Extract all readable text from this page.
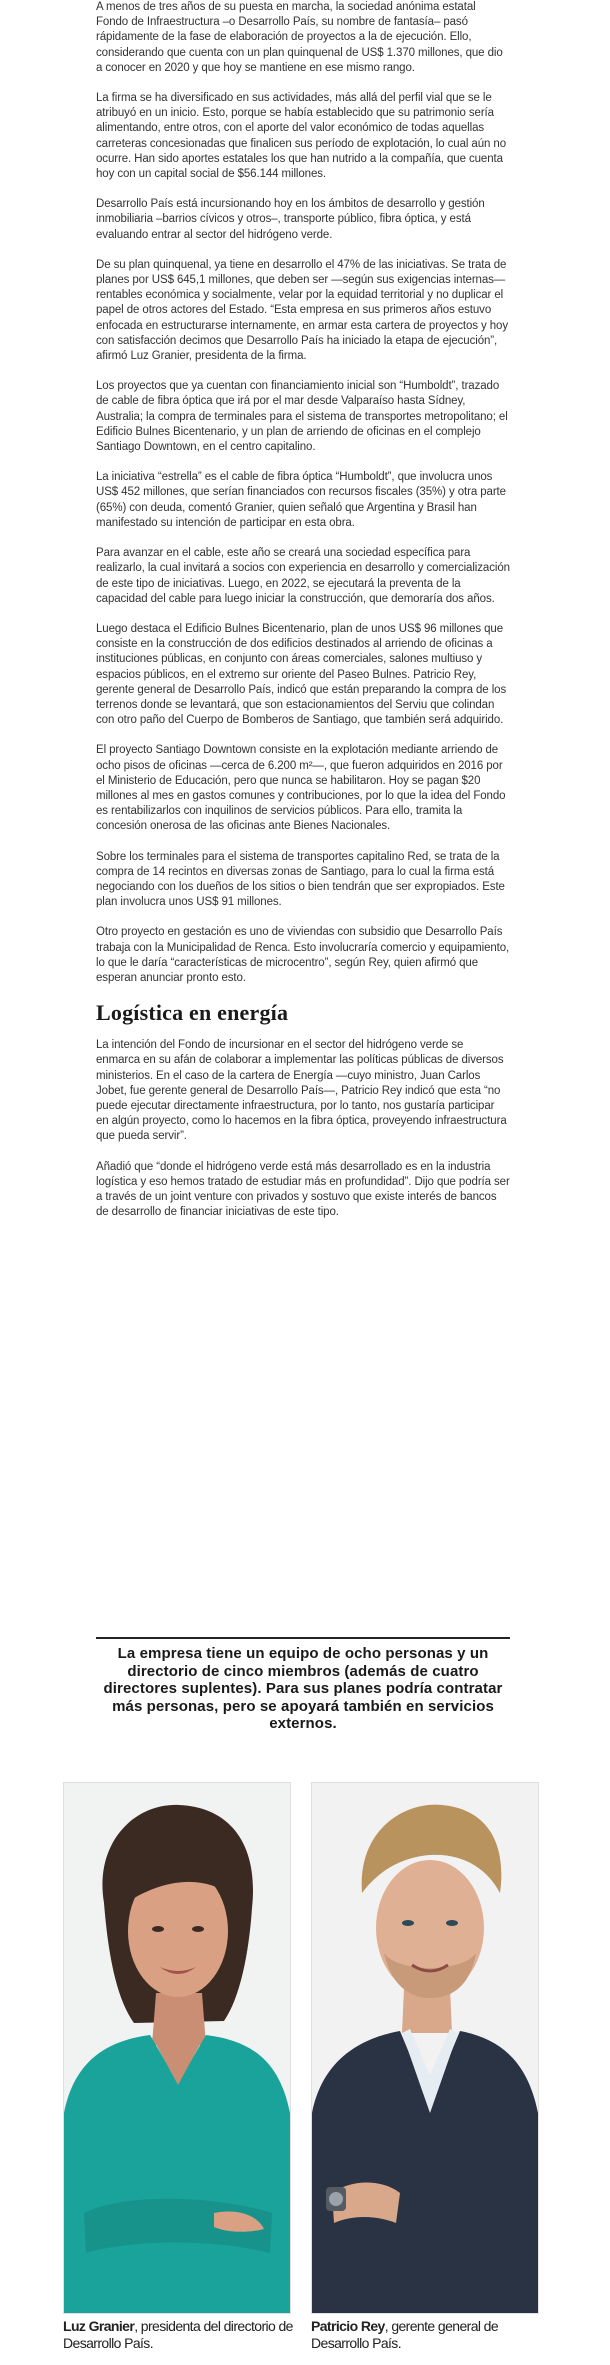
A menos de tres años de su puesta en marcha, la sociedad anónima estatal Fondo de Infraestructura –o Desarrollo País, su nombre de fantasía– pasó rápidamente de la fase de elaboración de proyectos a la de ejecución. Ello, considerando que cuenta con un plan quinquenal de US$ 1.370 millones, que dio a conocer en 2020 y que hoy se mantiene en ese mismo rango.

La firma se ha diversificado en sus actividades, más allá del perfil vial que se le atribuyó en un inicio. Esto, porque se había establecido que su patrimonio sería alimentando, entre otros, con el aporte del valor económico de todas aquellas carreteras concesionadas que finalicen sus período de explotación, lo cual aún no ocurre. Han sido aportes estatales los que han nutrido a la compañía, que cuenta hoy con un capital social de $56.144 millones.

Desarrollo País está incursionando hoy en los ámbitos de desarrollo y gestión inmobiliaria –barrios cívicos y otros–, transporte público, fibra óptica, y está evaluando entrar al sector del hidrógeno verde.

De su plan quinquenal, ya tiene en desarrollo el 47% de las iniciativas. Se trata de planes por US$ 645,1 millones, que deben ser —según sus exigencias internas— rentables económica y socialmente, velar por la equidad territorial y no duplicar el papel de otros actores del Estado. “Esta empresa en sus primeros años estuvo enfocada en estructurarse internamente, en armar esta cartera de proyectos y hoy con satisfacción decimos que Desarrollo País ha iniciado la etapa de ejecución”, afirmó Luz Granier, presidenta de la firma.

Los proyectos que ya cuentan con financiamiento inicial son “Humboldt”, trazado de cable de fibra óptica que irá por el mar desde Valparaíso hasta Sídney, Australia; la compra de terminales para el sistema de transportes metropolitano; el Edificio Bulnes Bicentenario, y un plan de arriendo de oficinas en el complejo Santiago Downtown, en el centro capitalino.

La iniciativa “estrella” es el cable de fibra óptica “Humboldt”, que involucra unos US$ 452 millones, que serían financiados con recursos fiscales (35%) y otra parte (65%) con deuda, comentó Granier, quien señaló que Argentina y Brasil han manifestado su intención de participar en esta obra.

Para avanzar en el cable, este año se creará una sociedad específica para realizarlo, la cual invitará a socios con experiencia en desarrollo y comercialización de este tipo de iniciativas. Luego, en 2022, se ejecutará la preventa de la capacidad del cable para luego iniciar la construcción, que demoraría dos años.

Luego destaca el Edificio Bulnes Bicentenario, plan de unos US$ 96 millones que consiste en la construcción de dos edificios destinados al arriendo de oficinas a instituciones públicas, en conjunto con áreas comerciales, salones multiuso y espacios públicos, en el extremo sur oriente del Paseo Bulnes. Patricio Rey, gerente general de Desarrollo País, indicó que están preparando la compra de los terrenos donde se levantará, que son estacionamientos del Serviu que colindan con otro paño del Cuerpo de Bomberos de Santiago, que también será adquirido.

El proyecto Santiago Downtown consiste en la explotación mediante arriendo de ocho pisos de oficinas —cerca de 6.200 m²—, que fueron adquiridos en 2016 por el Ministerio de Educación, pero que nunca se habilitaron. Hoy se pagan $20 millones al mes en gastos comunes y contribuciones, por lo que la idea del Fondo es rentabilizarlos con inquilinos de servicios públicos. Para ello, tramita la concesión onerosa de las oficinas ante Bienes Nacionales.

Sobre los terminales para el sistema de transportes capitalino Red, se trata de la compra de 14 recintos en diversas zonas de Santiago, para lo cual la firma está negociando con los dueños de los sitios o bien tendrán que ser expropiados. Este plan involucra unos US$ 91 millones.

Otro proyecto en gestación es uno de viviendas con subsidio que Desarrollo País trabaja con la Municipalidad de Renca. Esto involucraría comercio y equipamiento, lo que le daría “características de microcentro”, según Rey, quien afirmó que esperan anunciar pronto esto.

Logística en energía

La intención del Fondo de incursionar en el sector del hidrógeno verde se enmarca en su afán de colaborar a implementar las políticas públicas de diversos ministerios. En el caso de la cartera de Energía —cuyo ministro, Juan Carlos Jobet, fue gerente general de Desarrollo País—, Patricio Rey indicó que esta “no puede ejecutar directamente infraestructura, por lo tanto, nos gustaría participar en algún proyecto, como lo hacemos en la fibra óptica, proveyendo infraestructura que pueda servir”.

Añadió que “donde el hidrógeno verde está más desarrollado es en la industria logística y eso hemos tratado de estudiar más en profundidad”. Dijo que podría ser a través de un joint venture con privados y sostuvo que existe interés de bancos de desarrollo de financiar iniciativas de este tipo.

La empresa tiene un equipo de ocho personas y un directorio de cinco miembros (además de cuatro directores suplentes). Para sus planes podría contratar más personas, pero se apoyará también en servicios externos.

Luz Granier, presidenta del directorio de Desarrollo País.
Patricio Rey, gerente general de Desarrollo País.
